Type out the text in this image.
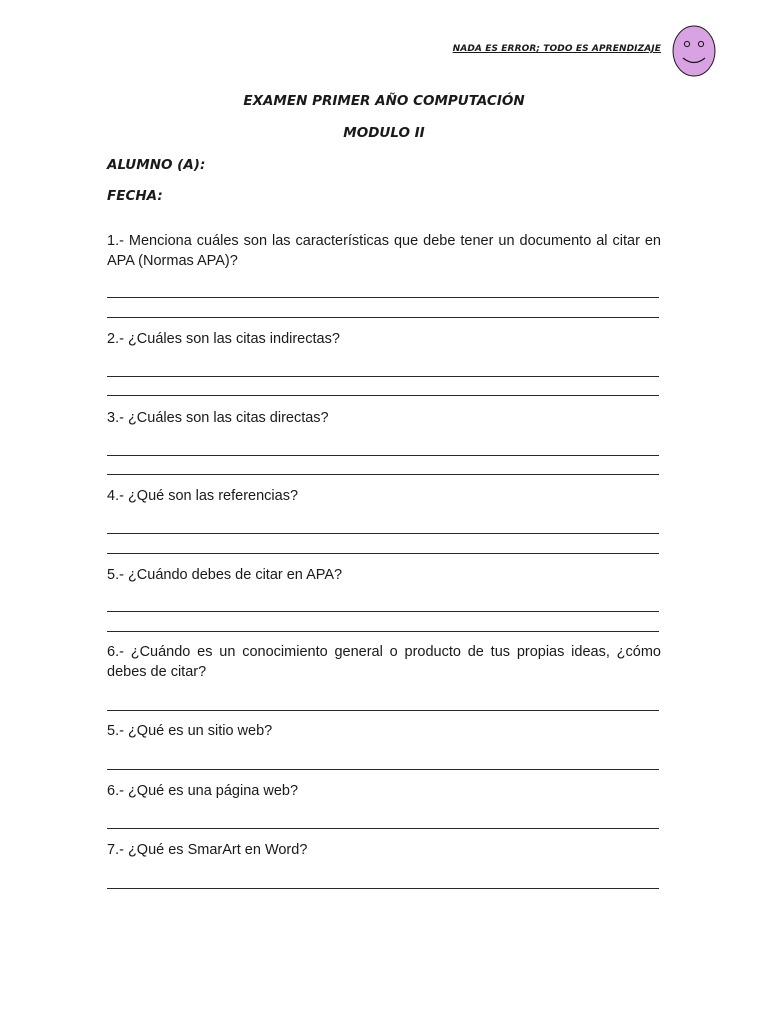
NADA ES ERROR; TODO ES APRENDIZAJE
EXAMEN PRIMER AÑO COMPUTACIÓN
MODULO II
ALUMNO (A):
FECHA:

1.- Menciona cuáles son las características que debe tener un documento al citar en APA (Normas APA)?

2.- ¿Cuáles son las citas indirectas?

3.- ¿Cuáles son las citas directas?

4.- ¿Qué son las referencias?

5.- ¿Cuándo debes de citar en APA?

6.- ¿Cuándo es un conocimiento general o producto de tus propias ideas, ¿cómo debes de citar?

5.- ¿Qué es un sitio web?

6.- ¿Qué es una página web?

7.- ¿Qué es SmarArt en Word?
